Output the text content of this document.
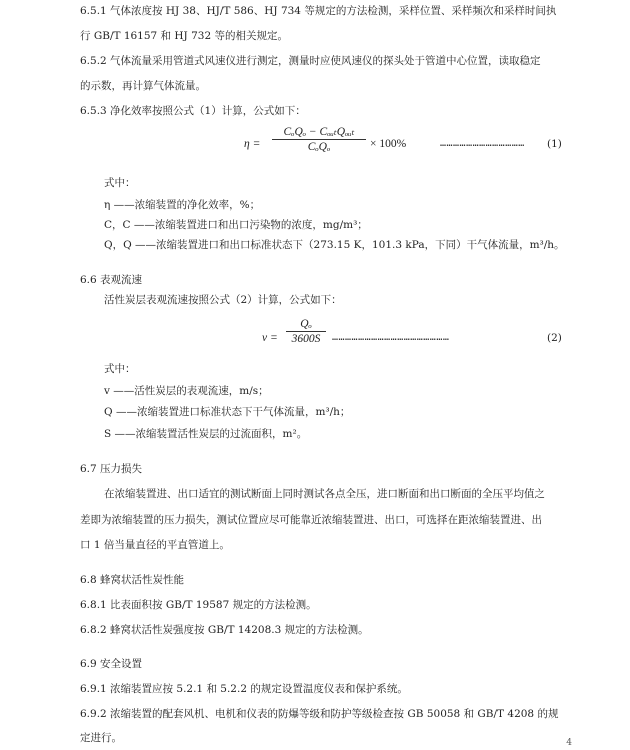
6.5.1 气体浓度按 HJ 38、HJ/T 586、HJ 734 等规定的方法检测，采样位置、采样频次和采样时间执
行 GB/T 16157 和 HJ 732 等的相关规定。
6.5.2 气体流量采用管道式风速仪进行测定，测量时应使风速仪的探头处于管道中心位置，读取稳定
的示数，再计算气体流量。
6.5.3 净化效率按照公式（1）计算，公式如下：
η =
CₒQₒ − CₒᵤₜQₒᵤₜ
CₒQₒ	× 100%	………………………………… (1)
式中：
η ——浓缩装置的净化效率，%；
C，C ——浓缩装置进口和出口污染物的浓度，mg/m³；
Q，Q ——浓缩装置进口和出口标准状态下（273.15 K，101.3 kPa，下同）干气体流量，m³/h。
6.6 表观流速
活性炭层表观流速按照公式（2）计算，公式如下：
v =
Qₒ
3600S	………………………………………………	(2)
式中：
v ——活性炭层的表观流速，m/s；
Q ——浓缩装置进口标准状态下干气体流量，m³/h；
S ——浓缩装置活性炭层的过流面积，m²。
6.7 压力损失
在浓缩装置进、出口适宜的测试断面上同时测试各点全压，进口断面和出口断面的全压平均值之
差即为浓缩装置的压力损失，测试位置应尽可能靠近浓缩装置进、出口，可选择在距浓缩装置进、出
口 1 倍当量直径的平直管道上。
6.8 蜂窝状活性炭性能
6.8.1 比表面积按 GB/T 19587 规定的方法检测。
6.8.2 蜂窝状活性炭强度按 GB/T 14208.3 规定的方法检测。
6.9 安全设置
6.9.1 浓缩装置应按 5.2.1 和 5.2.2 的规定设置温度仪表和保护系统。
6.9.2 浓缩装置的配套风机、电机和仪表的防爆等级和防护等级检查按 GB 50058 和 GB/T 4208 的规
定进行。	4
